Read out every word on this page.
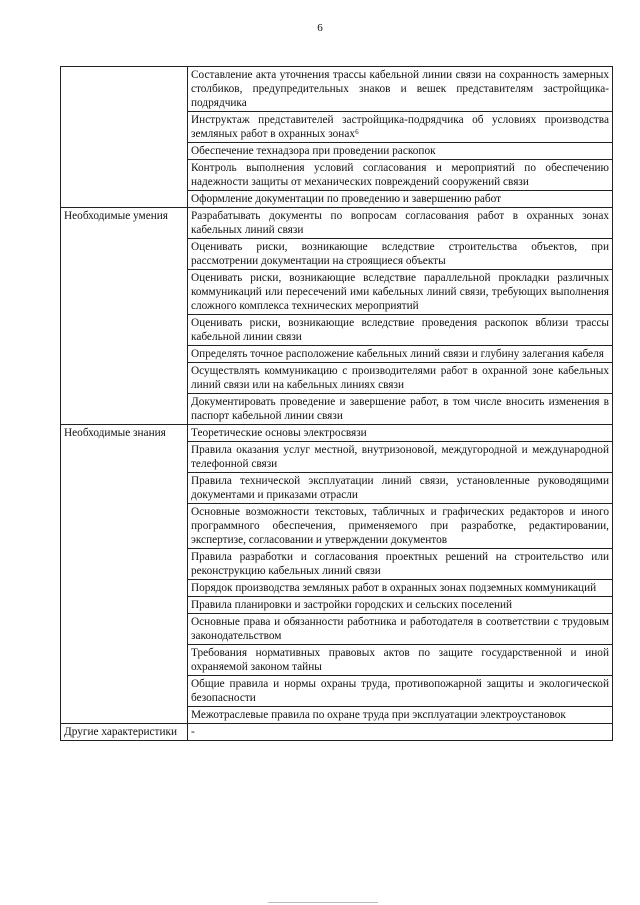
6
	Составление акта уточнения трассы кабельной линии связи на сохранность замерных столбиков, предупредительных знаков и вешек представителям застройщика-подрядчика
	Инструктаж представителей застройщика-подрядчика об условиях производства земляных работ в охранных зонах⁶
	Обеспечение технадзора при проведении раскопок
	Контроль выполнения условий согласования и мероприятий по обеспечению надежности защиты от механических повреждений сооружений связи
	Оформление документации по проведению и завершению работ
Необходимые умения	Разрабатывать документы по вопросам согласования работ в охранных зонах кабельных линий связи
	Оценивать риски, возникающие вследствие строительства объектов, при рассмотрении документации на строящиеся объекты
	Оценивать риски, возникающие вследствие параллельной прокладки различных коммуникаций или пересечений ими кабельных линий связи, требующих выполнения сложного комплекса технических мероприятий
	Оценивать риски, возникающие вследствие проведения раскопок вблизи трассы кабельной линии связи
	Определять точное расположение кабельных линий связи и глубину залегания кабеля
	Осуществлять коммуникацию с производителями работ в охранной зоне кабельных линий связи или на кабельных линиях связи
	Документировать проведение и завершение работ, в том числе вносить изменения в паспорт кабельной линии связи
Необходимые знания	Теоретические основы электросвязи
	Правила оказания услуг местной, внутризоновой, междугородной и международной телефонной связи
	Правила технической эксплуатации линий связи, установленные руководящими документами и приказами отрасли
	Основные возможности текстовых, табличных и графических редакторов и иного программного обеспечения, применяемого при разработке, редактировании, экспертизе, согласовании и утверждении документов
	Правила разработки и согласования проектных решений на строительство или реконструкцию кабельных линий связи
	Порядок производства земляных работ в охранных зонах подземных коммуникаций
	Правила планировки и застройки городских и сельских поселений
	Основные права и обязанности работника и работодателя в соответствии с трудовым законодательством
	Требования нормативных правовых актов по защите государственной и иной охраняемой законом тайны
	Общие правила и нормы охраны труда, противопожарной защиты и экологической безопасности
	Межотраслевые правила по охране труда при эксплуатации электроустановок
Другие характеристики	-
